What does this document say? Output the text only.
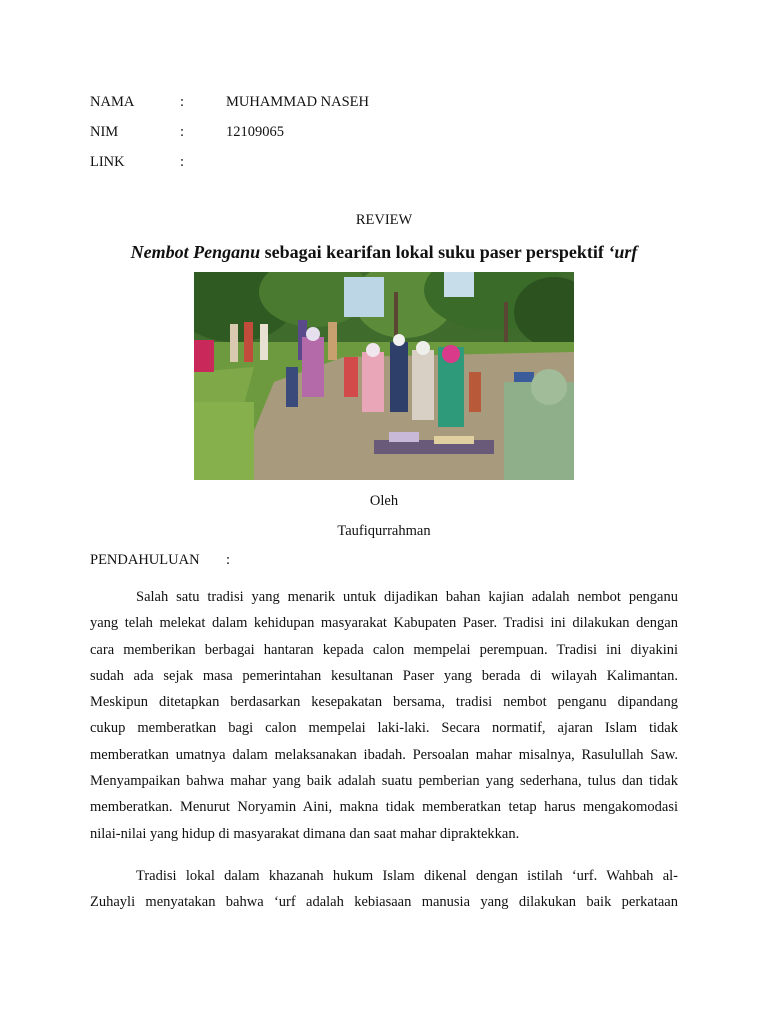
NAMA	:	MUHAMMAD NASEH
NIM	:	12109065
LINK	:
REVIEW
Nembot Penganu sebagai kearifan lokal suku paser perspektif ‘urf
Oleh
Taufiqurrahman
PENDAHULUAN :
Salah satu tradisi yang menarik untuk dijadikan bahan kajian adalah nembot penganu
yang telah melekat dalam kehidupan masyarakat Kabupaten Paser. Tradisi ini dilakukan dengan
cara memberikan berbagai hantaran kepada calon mempelai perempuan. Tradisi ini diyakini
sudah ada sejak masa pemerintahan kesultanan Paser yang berada di wilayah Kalimantan.
Meskipun ditetapkan berdasarkan kesepakatan bersama, tradisi nembot penganu dipandang
cukup memberatkan bagi calon mempelai laki-laki. Secara normatif, ajaran Islam tidak
memberatkan umatnya dalam melaksanakan ibadah. Persoalan mahar misalnya, Rasulullah Saw.
Menyampaikan bahwa mahar yang baik adalah suatu pemberian yang sederhana, tulus dan tidak
memberatkan. Menurut Noryamin Aini, makna tidak memberatkan tetap harus mengakomodasi
nilai-nilai yang hidup di masyarakat dimana dan saat mahar dipraktekkan.
Tradisi lokal dalam khazanah hukum Islam dikenal dengan istilah ‘urf. Wahbah al-
Zuhayli menyatakan bahwa ‘urf adalah kebiasaan manusia yang dilakukan baik perkataan
